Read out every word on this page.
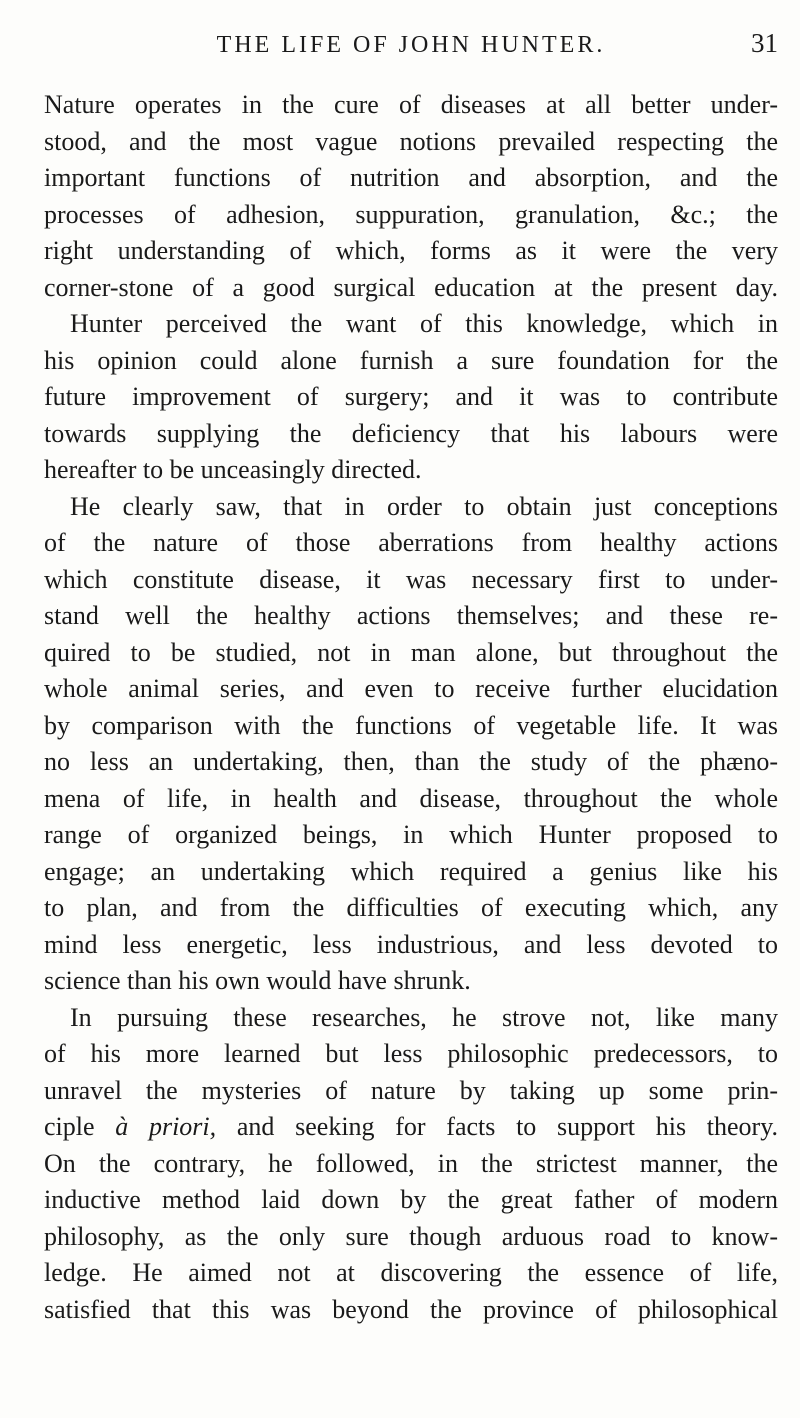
THE LIFE OF JOHN HUNTER.	31
Nature operates in the cure of diseases at all better under-
stood, and the most vague notions prevailed respecting the
important functions of nutrition and absorption, and the
processes of adhesion, suppuration, granulation, &c.; the
right understanding of which, forms as it were the very
corner-stone of a good surgical education at the present day.
Hunter perceived the want of this knowledge, which in
his opinion could alone furnish a sure foundation for the
future improvement of surgery; and it was to contribute
towards supplying the deficiency that his labours were
hereafter to be unceasingly directed.
He clearly saw, that in order to obtain just conceptions
of the nature of those aberrations from healthy actions
which constitute disease, it was necessary first to under-
stand well the healthy actions themselves; and these re-
quired to be studied, not in man alone, but throughout the
whole animal series, and even to receive further elucidation
by comparison with the functions of vegetable life. It was
no less an undertaking, then, than the study of the phæno-
mena of life, in health and disease, throughout the whole
range of organized beings, in which Hunter proposed to
engage; an undertaking which required a genius like his
to plan, and from the difficulties of executing which, any
mind less energetic, less industrious, and less devoted to
science than his own would have shrunk.
In pursuing these researches, he strove not, like many
of his more learned but less philosophic predecessors, to
unravel the mysteries of nature by taking up some prin-
ciple à priori, and seeking for facts to support his theory.
On the contrary, he followed, in the strictest manner, the
inductive method laid down by the great father of modern
philosophy, as the only sure though arduous road to know-
ledge. He aimed not at discovering the essence of life,
satisfied that this was beyond the province of philosophical
